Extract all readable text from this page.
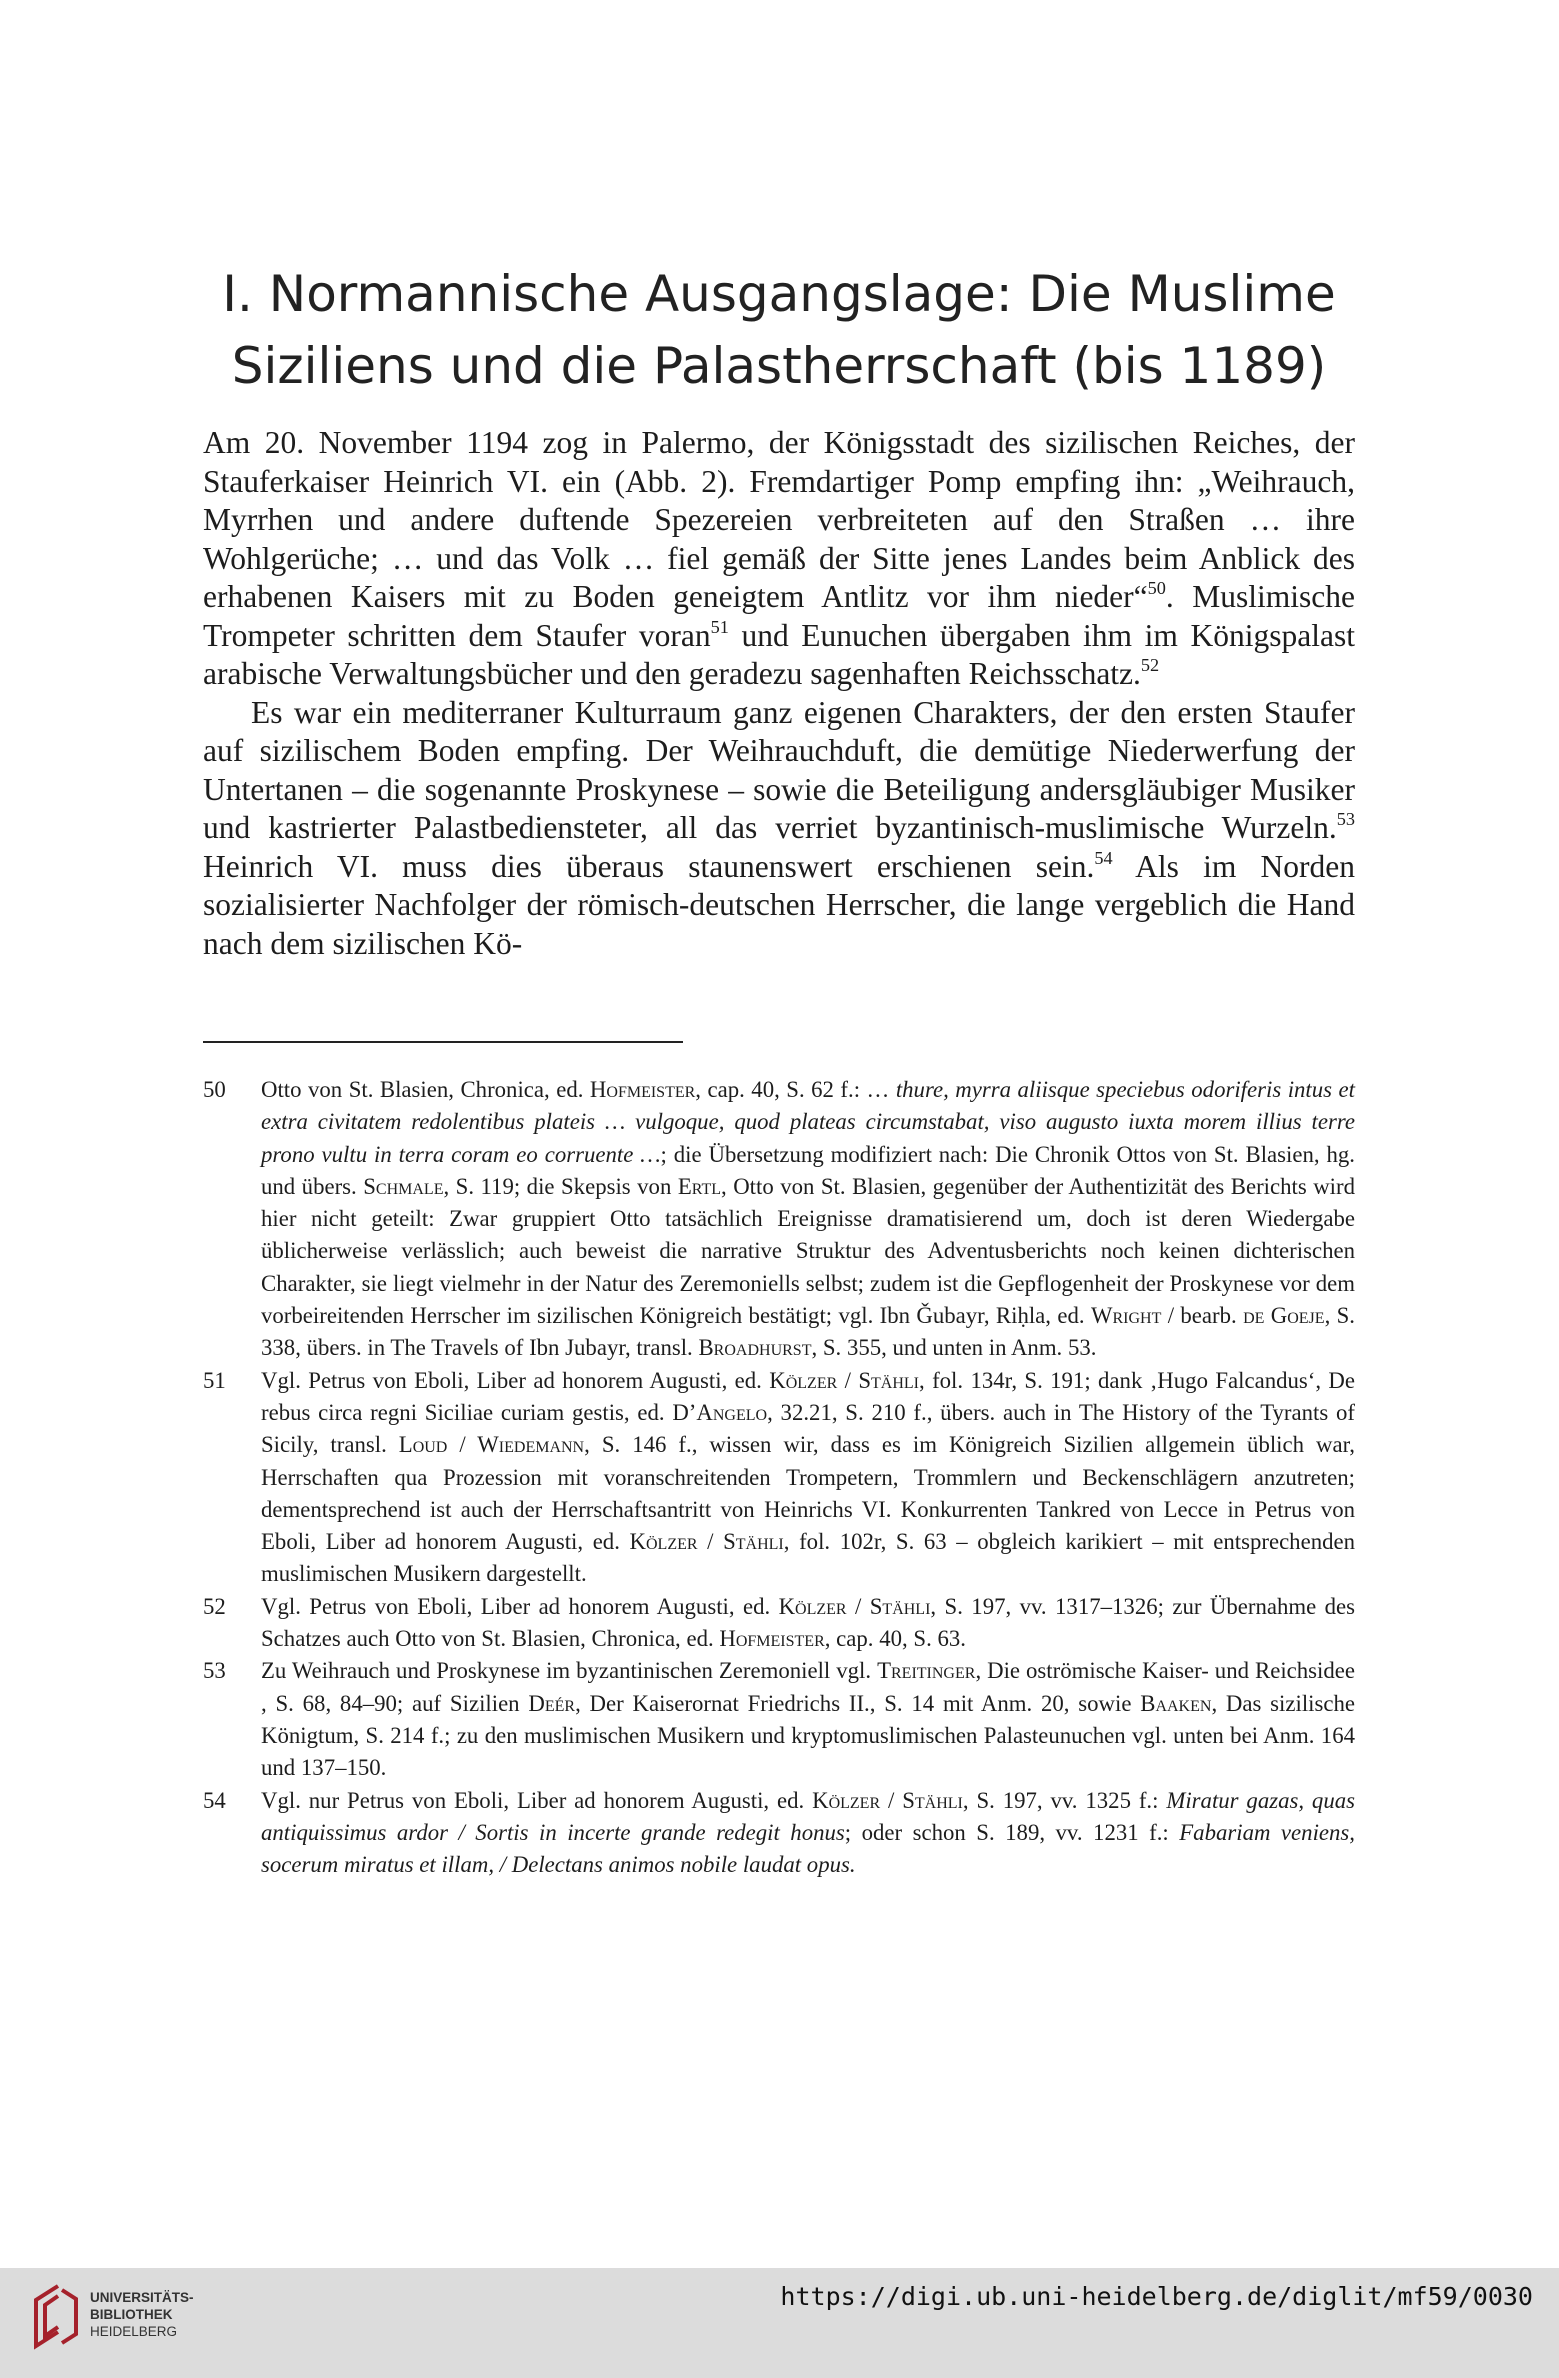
I. Normannische Ausgangslage: Die Muslime
Siziliens und die Palastherrschaft (bis 1189)

Am 20. November 1194 zog in Palermo, der Königsstadt des sizilischen Reiches, der Stauferkaiser Heinrich VI. ein (Abb. 2). Fremdartiger Pomp empfing ihn: „Weihrauch, Myrrhen und andere duftende Spezereien verbreiteten auf den Straßen … ihre Wohlgerüche; … und das Volk … fiel gemäß der Sitte jenes Landes beim Anblick des erhabenen Kaisers mit zu Boden geneigtem Antlitz vor ihm nieder“$^{50}$. Muslimische Trompeter schritten dem Staufer voran$^{51}$ und Eunuchen übergaben ihm im Königspalast arabische Verwaltungsbücher und den geradezu sagenhaften Reichsschatz.$^{52}$

Es war ein mediterraner Kulturraum ganz eigenen Charakters, der den ersten Staufer auf sizilischem Boden empfing. Der Weihrauchduft, die demütige Niederwerfung der Untertanen – die sogenannte Proskynese – sowie die Beteiligung andersgläubiger Musiker und kastrierter Palastbediensteter, all das verriet byzantinisch-muslimische Wurzeln.$^{53}$ Heinrich VI. muss dies überaus staunenswert erschienen sein.$^{54}$ Als im Norden sozialisierter Nachfolger der römisch-deutschen Herrscher, die lange vergeblich die Hand nach dem sizilischen Kö-

50 Otto von St. Blasien, Chronica, ed. Hofmeister, cap. 40, S. 62 f.: … thure, myrra aliisque speciebus odoriferis intus et extra civitatem redolentibus plateis … vulgoque, quod plateas circumstabat, viso augusto iuxta morem illius terre prono vultu in terra coram eo corruente …; die Übersetzung modifiziert nach: Die Chronik Ottos von St. Blasien, hg. und übers. Schmale, S. 119; die Skepsis von Ertl, Otto von St. Blasien, gegenüber der Authentizität des Berichts wird hier nicht geteilt: Zwar gruppiert Otto tatsächlich Ereignisse dramatisierend um, doch ist deren Wiedergabe üblicherweise verlässlich; auch beweist die narrative Struktur des Adventusberichts noch keinen dichterischen Charakter, sie liegt vielmehr in der Natur des Zeremoniells selbst; zudem ist die Gepflogenheit der Proskynese vor dem vorbeireitenden Herrscher im sizilischen Königreich bestätigt; vgl. Ibn Ǧubayr, Riḥla, ed. Wright / bearb. de Goeje, S. 338, übers. in The Travels of Ibn Jubayr, transl. Broadhurst, S. 355, und unten in Anm. 53.
51 Vgl. Petrus von Eboli, Liber ad honorem Augusti, ed. Kölzer / Stähli, fol. 134r, S. 191; dank ‚Hugo Falcandus‘, De rebus circa regni Siciliae curiam gestis, ed. D’Angelo, 32.21, S. 210 f., übers. auch in The History of the Tyrants of Sicily, transl. Loud / Wiedemann, S. 146 f., wissen wir, dass es im Königreich Sizilien allgemein üblich war, Herrschaften qua Prozession mit voranschreitenden Trompetern, Trommlern und Beckenschlägern anzutreten; dementsprechend ist auch der Herrschaftsantritt von Heinrichs VI. Konkurrenten Tankred von Lecce in Petrus von Eboli, Liber ad honorem Augusti, ed. Kölzer / Stähli, fol. 102r, S. 63 – obgleich karikiert – mit entsprechenden muslimischen Musikern dargestellt.
52 Vgl. Petrus von Eboli, Liber ad honorem Augusti, ed. Kölzer / Stähli, S. 197, vv. 1317–1326; zur Übernahme des Schatzes auch Otto von St. Blasien, Chronica, ed. Hofmeister, cap. 40, S. 63.
53 Zu Weihrauch und Proskynese im byzantinischen Zeremoniell vgl. Treitinger, Die oströmische Kaiser- und Reichsidee , S. 68, 84–90; auf Sizilien Deér, Der Kaiserornat Friedrichs II., S. 14 mit Anm. 20, sowie Baaken, Das sizilische Königtum, S. 214 f.; zu den muslimischen Musikern und kryptomuslimischen Palasteunuchen vgl. unten bei Anm. 164 und 137–150.
54 Vgl. nur Petrus von Eboli, Liber ad honorem Augusti, ed. Kölzer / Stähli, S. 197, vv. 1325 f.: Miratur gazas, quas antiquissimus ardor / Sortis in incerte grande redegit honus; oder schon S. 189, vv. 1231 f.: Fabariam veniens, socerum miratus et illam, / Delectans animos nobile laudat opus.
UNIVERSITÄTS-
BIBLIOTHEK
HEIDELBERG
https://digi.ub.uni-heidelberg.de/diglit/mf59/0030
